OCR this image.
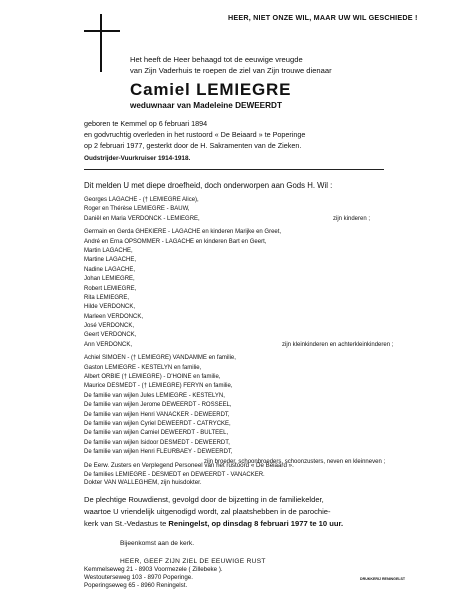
HEER, NIET ONZE WIL, MAAR UW WIL GESCHIEDE !
Het heeft de Heer behaagd tot de eeuwige vreugde
van Zijn Vaderhuis te roepen de ziel van Zijn trouwe dienaar
Camiel LEMIEGRE
weduwnaar van Madeleine DEWEERDT
geboren te Kemmel op 6 februari 1894
en godvruchtig overleden in het rustoord « De Beiaard » te Poperinge
op 2 februari 1977, gesterkt door de H. Sakramenten van de Zieken.
Oudstrijder-Vuurkruiser 1914-1918.
Dit melden U met diepe droefheid, doch onderworpen aan Gods H. Wil :
Georges LAGACHE - († LEMIEGRE Alice),
Roger en Thérèse LEMIEGRE - BAUW,
Daniël en Maria VERDONCK - LEMIEGRE,	zijn kinderen ;
Germain en Gerda GHEKIERE - LAGACHE en kinderen Marijke en Greet,
André en Erna OPSOMMER - LAGACHE en kinderen Bart en Geert,
Martin LAGACHE,
Martine LAGACHE,
Nadine LAGACHE,
Johan LEMIEGRE,
Robert LEMIEGRE,
Rita LEMIEGRE,
Hilde VERDONCK,
Marleen VERDONCK,
José VERDONCK,
Geert VERDONCK,
Ann VERDONCK,	zijn kleinkinderen en achterkleinkinderen ;
Achiel SIMOEN - († LEMIEGRE) VANDAMME en familie,
Gaston LEMIEGRE - KESTELYN en familie,
Albert ORBIE († LEMIEGRE) - D'HOINE en familie,
Maurice DESMEDT - († LEMIEGRE) FERYN en familie,
De familie van wijlen Jules LEMIEGRE - KESTELYN,
De familie van wijlen Jerome DEWEERDT - ROSSEEL,
De familie van wijlen Henri VANACKER - DEWEERDT,
De familie van wijlen Cyriel DEWEERDT - CATRYCKE,
De familie van wijlen Camiel DEWEERDT - BULTEEL,
De familie van wijlen Isidoor DESMEDT - DEWEERDT,
De familie van wijlen Henri FLEURBAEY - DEWEERDT,
zijn broeder, schoonbroeders, schoonzusters, neven en kleinneven ;
De families LEMIEGRE - DESMEDT en DEWEERDT - VANACKER.
De Eerw. Zusters en Verplegend Personeel van het rustoord « De Beiaard ».
Dokter VAN WALLEGHEM, zijn huisdokter.
De plechtige Rouwdienst, gevolgd door de bijzetting in de familiekelder,
waartoe U vriendelijk uitgenodigd wordt, zal plaatshebben in de parochie-
kerk van St.-Vedastus te Reningelst, op dinsdag 8 februari 1977 te 10 uur.
Bijeenkomst aan de kerk.
HEER, GEEF ZIJN ZIEL DE EEUWIGE RUST
Kemmelseweg 21 - 8903 Voormezele ( Zillebeke ).
Westouterseweg 103 - 8970 Poperinge.
Poperingseweg 65 - 8960 Reningelst.
DRUKKERIJ RENINGELST
